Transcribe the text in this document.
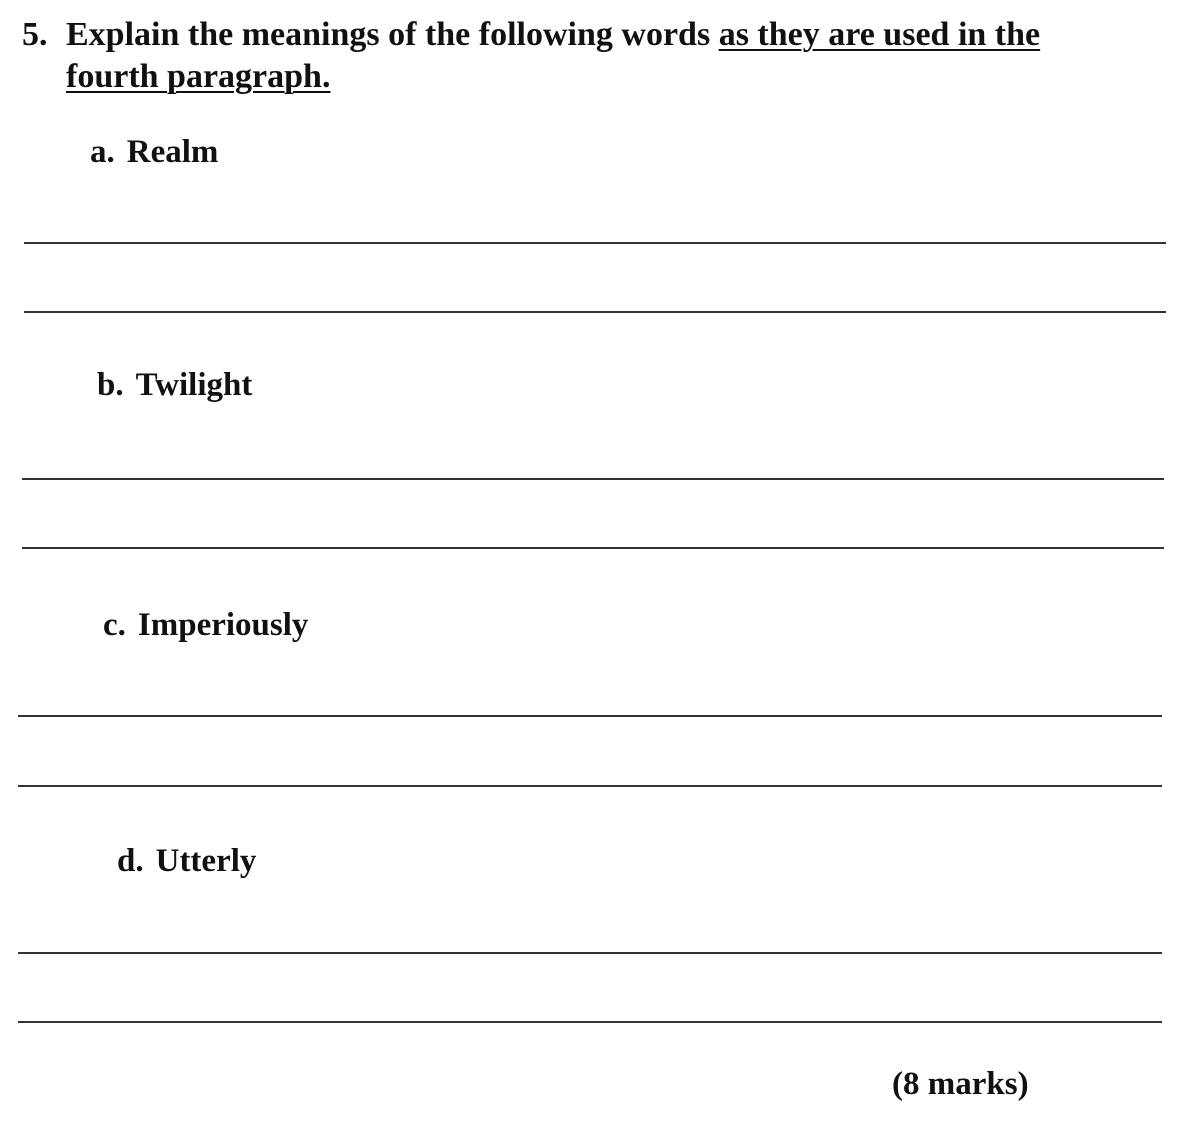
5. Explain the meanings of the following words as they are used in the
fourth paragraph.
a. Realm
b. Twilight
c. Imperiously
d. Utterly
(8 marks)
